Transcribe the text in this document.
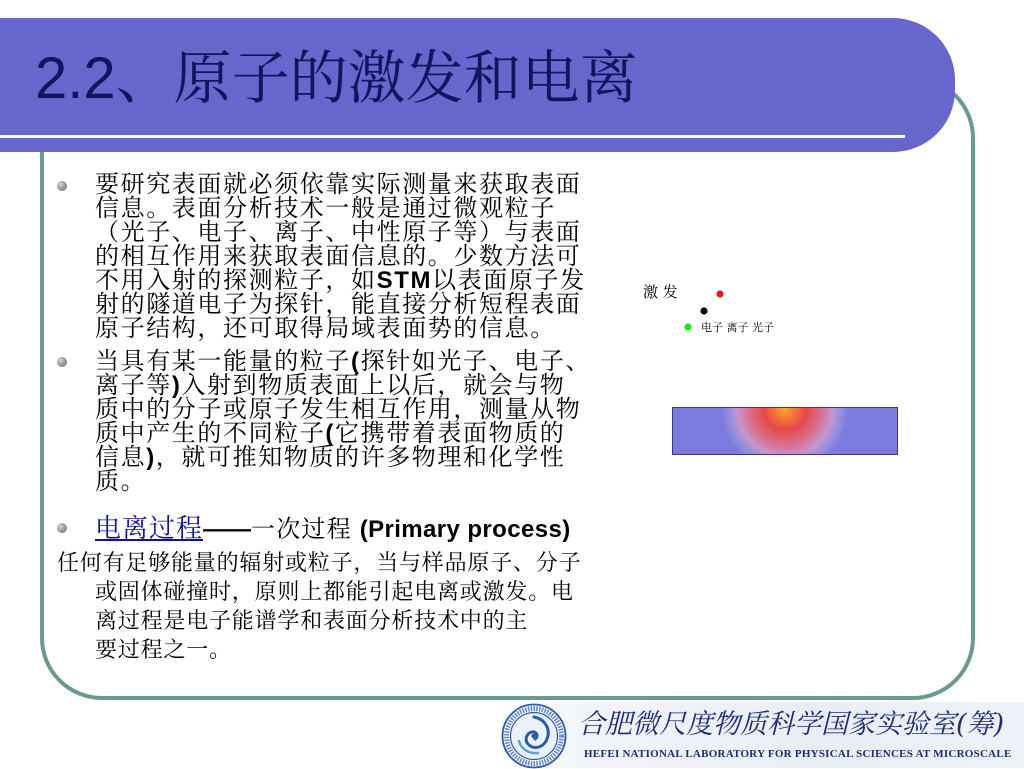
2.2、原子的激发和电离
要研究表面就必须依靠实际测量来获取表面
信息。表面分析技术一般是通过微观粒子
（光子、电子、离子、中性原子等）与表面
的相互作用来获取表面信息的。少数方法可
不用入射的探测粒子，如STM以表面原子发
射的隧道电子为探针，能直接分析短程表面
原子结构，还可取得局域表面势的信息。
当具有某一能量的粒子(探针如光子、电子、
离子等)入射到物质表面上以后，就会与物
质中的分子或原子发生相互作用，测量从物
质中产生的不同粒子(它携带着表面物质的
信息)，就可推知物质的许多物理和化学性
质。
电离过程——一次过程 (Primary process)
任何有足够能量的辐射或粒子，当与样品原子、分子
或固体碰撞时，原则上都能引起电离或激发。电
离过程是电子能谱学和表面分析技术中的主
要过程之一。
激 发
电子 离子 光子
合肥微尺度物质科学国家实验室(筹)
HEFEI NATIONAL LABORATORY FOR PHYSICAL SCIENCES AT MICROSCALE
